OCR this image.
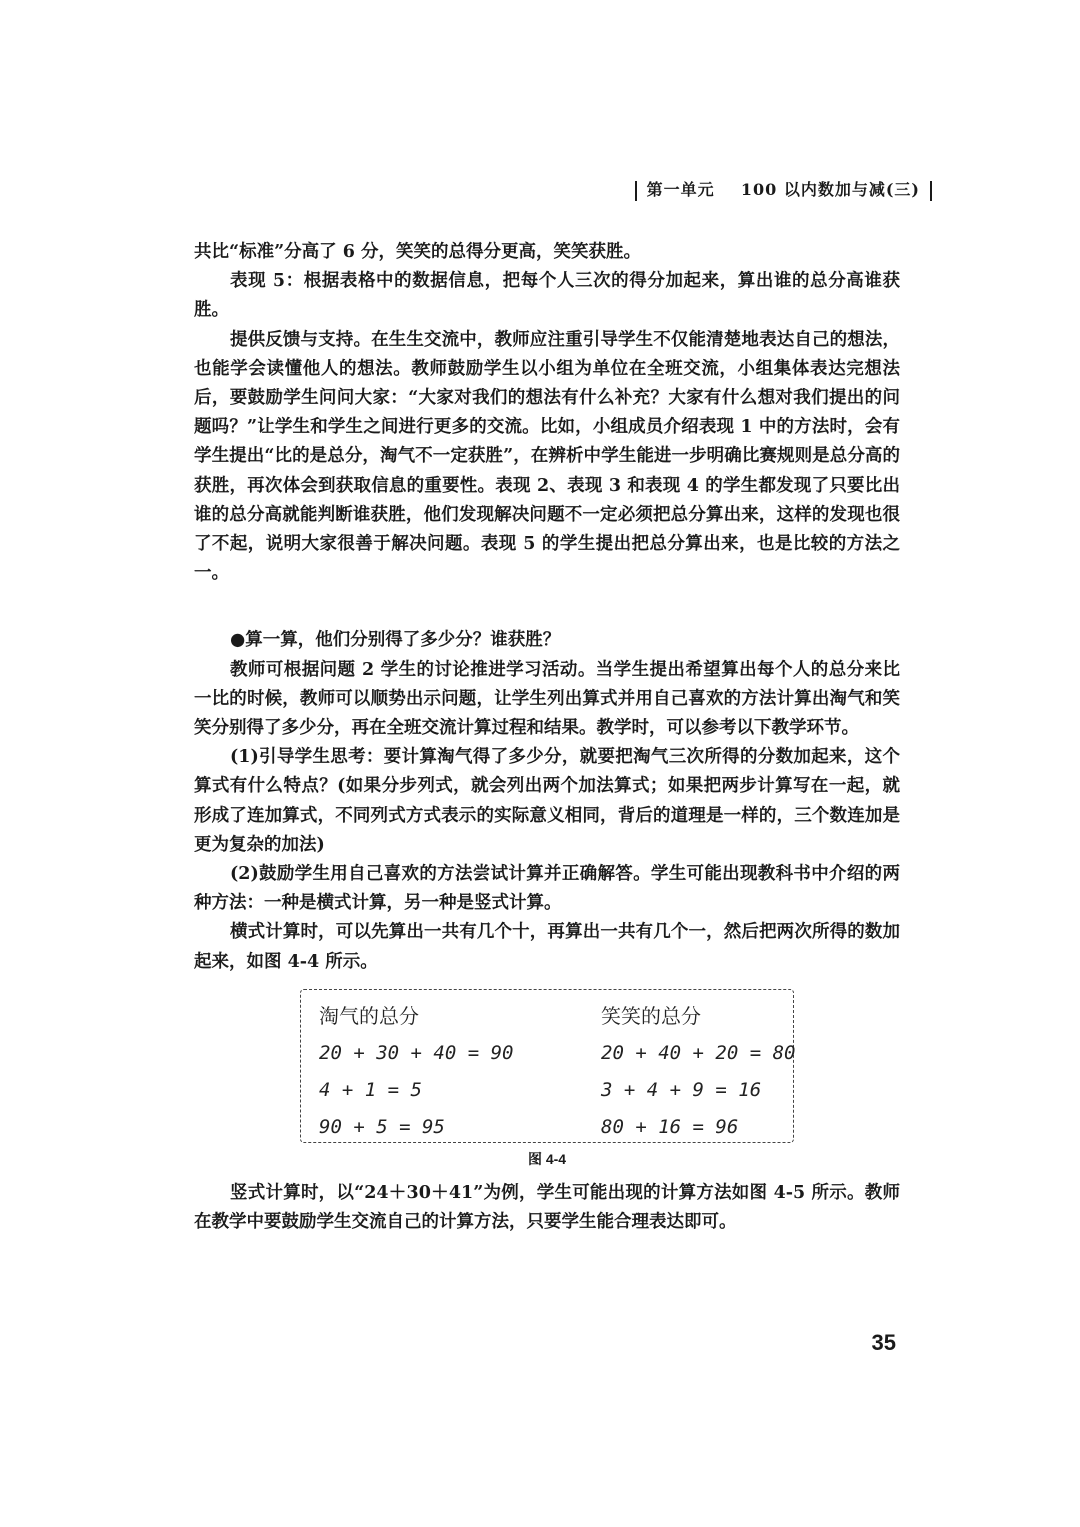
第一单元 100 以内数加与减(三)

共比“标准”分高了 6 分，笑笑的总得分更高，笑笑获胜。

表现 5：根据表格中的数据信息，把每个人三次的得分加起来，算出谁的总分高谁获胜。

提供反馈与支持。在生生交流中，教师应注重引导学生不仅能清楚地表达自己的想法，也能学会读懂他人的想法。教师鼓励学生以小组为单位在全班交流，小组集体表达完想法后，要鼓励学生问问大家：“大家对我们的想法有什么补充？大家有什么想对我们提出的问题吗？”让学生和学生之间进行更多的交流。比如，小组成员介绍表现 1 中的方法时，会有学生提出“比的是总分，淘气不一定获胜”，在辨析中学生能进一步明确比赛规则是总分高的获胜，再次体会到获取信息的重要性。表现 2、表现 3 和表现 4 的学生都发现了只要比出谁的总分高就能判断谁获胜，他们发现解决问题不一定必须把总分算出来，这样的发现也很了不起，说明大家很善于解决问题。表现 5 的学生提出把总分算出来，也是比较的方法之一。

●算一算，他们分别得了多少分？谁获胜？

教师可根据问题 2 学生的讨论推进学习活动。当学生提出希望算出每个人的总分来比一比的时候，教师可以顺势出示问题，让学生列出算式并用自己喜欢的方法计算出淘气和笑笑分别得了多少分，再在全班交流计算过程和结果。教学时，可以参考以下教学环节。

(1)引导学生思考：要计算淘气得了多少分，就要把淘气三次所得的分数加起来，这个算式有什么特点？(如果分步列式，就会列出两个加法算式；如果把两步计算写在一起，就形成了连加算式，不同列式方式表示的实际意义相同，背后的道理是一样的，三个数连加是更为复杂的加法)

(2)鼓励学生用自己喜欢的方法尝试计算并正确解答。学生可能出现教科书中介绍的两种方法：一种是横式计算，另一种是竖式计算。

横式计算时，可以先算出一共有几个十，再算出一共有几个一，然后把两次所得的数加起来，如图 4-4 所示。

淘气的总分
20 + 30 + 40 = 90
4 + 1 = 5
90 + 5 = 95
笑笑的总分
20 + 40 + 20 = 80
3 + 4 + 9 = 16
80 + 16 = 96
图 4-4

竖式计算时，以“24＋30＋41”为例，学生可能出现的计算方法如图 4-5 所示。教师在教学中要鼓励学生交流自己的计算方法，只要学生能合理表达即可。

35
